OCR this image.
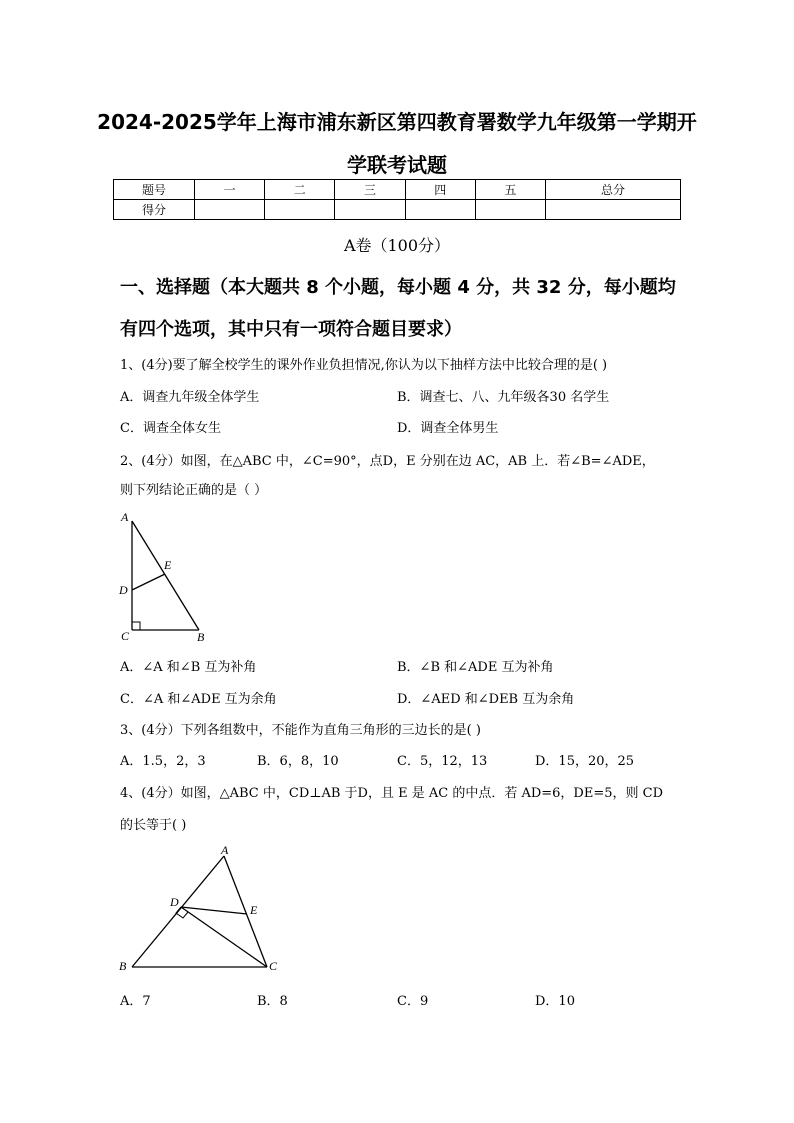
2024-2025学年上海市浦东新区第四教育署数学九年级第一学期开
学联考试题
题号	一	二	三	四	五	总分
得分						
A卷（100分）
一、选择题（本大题共 8 个小题，每小题 4 分，共 32 分，每小题均
有四个选项，其中只有一项符合题目要求）
1、(4分)要了解全校学生的课外作业负担情况,你认为以下抽样方法中比较合理的是( )
A．调查九年级全体学生	B．调查七、八、九年级各30 名学生
C．调查全体女生	D．调查全体男生
2、(4分）如图，在△ABC 中，∠C=90°，点D，E 分别在边 AC，AB 上．若∠B=∠ADE，
则下列结论正确的是（ ）
A
E
D
C	B
A．∠A 和∠B 互为补角	B．∠B 和∠ADE 互为补角
C．∠A 和∠ADE 互为余角	D．∠AED 和∠DEB 互为余角
3、(4分）下列各组数中，不能作为直角三角形的三边长的是( )
A．1.5，2，3	B．6，8，10	C．5，12，13	D．15，20，25
4、(4分）如图，△ABC 中，CD⊥AB 于D，且 E 是 AC 的中点．若 AD=6，DE=5，则 CD
的长等于( )
A
D
E
B	C
A．7	B．8	C．9	D．10
